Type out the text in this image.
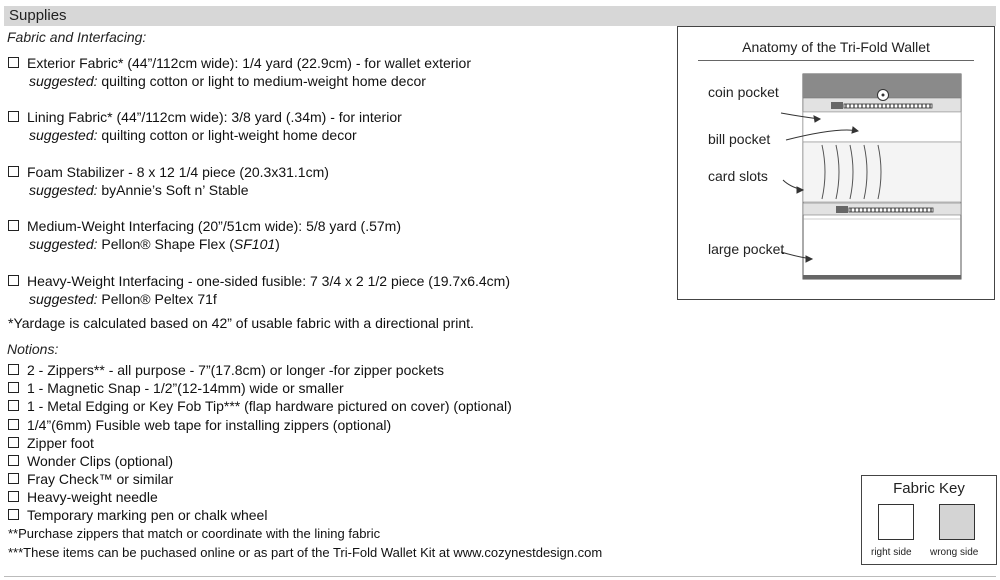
Supplies
Fabric and Interfacing:
Exterior Fabric* (44”/112cm wide): 1/4 yard (22.9cm) - for wallet exterior
suggested: quilting cotton or light to medium-weight home decor
Lining Fabric* (44”/112cm wide): 3/8 yard (.34m) - for interior
suggested: quilting cotton or light-weight home decor
Foam Stabilizer - 8 x 12 1/4 piece (20.3x31.1cm)
suggested: byAnnie’s Soft n’ Stable
Medium-Weight Interfacing (20”/51cm wide): 5/8 yard (.57m)
suggested: Pellon® Shape Flex (SF101)
Heavy-Weight Interfacing - one-sided fusible: 7 3/4 x 2 1/2 piece (19.7x6.4cm)
suggested: Pellon® Peltex 71f
*Yardage is calculated based on 42” of usable fabric with a directional print.
Notions:
2 - Zippers** - all purpose - 7”(17.8cm) or longer -for zipper pockets
1 - Magnetic Snap - 1/2”(12-14mm) wide or smaller
1 - Metal Edging or Key Fob Tip*** (flap hardware pictured on cover) (optional)
1/4”(6mm) Fusible web tape for installing zippers (optional)
Zipper foot
Wonder Clips (optional)
Fray Check™ or similar
Heavy-weight needle
Temporary marking pen or chalk wheel
**Purchase zippers that match or coordinate with the lining fabric
***These items can be puchased online or as part of the Tri-Fold Wallet Kit at www.cozynestdesign.com
Anatomy of the Tri-Fold Wallet
coin pocket
bill pocket
card slots
large pocket
Fabric Key
right side wrong side
